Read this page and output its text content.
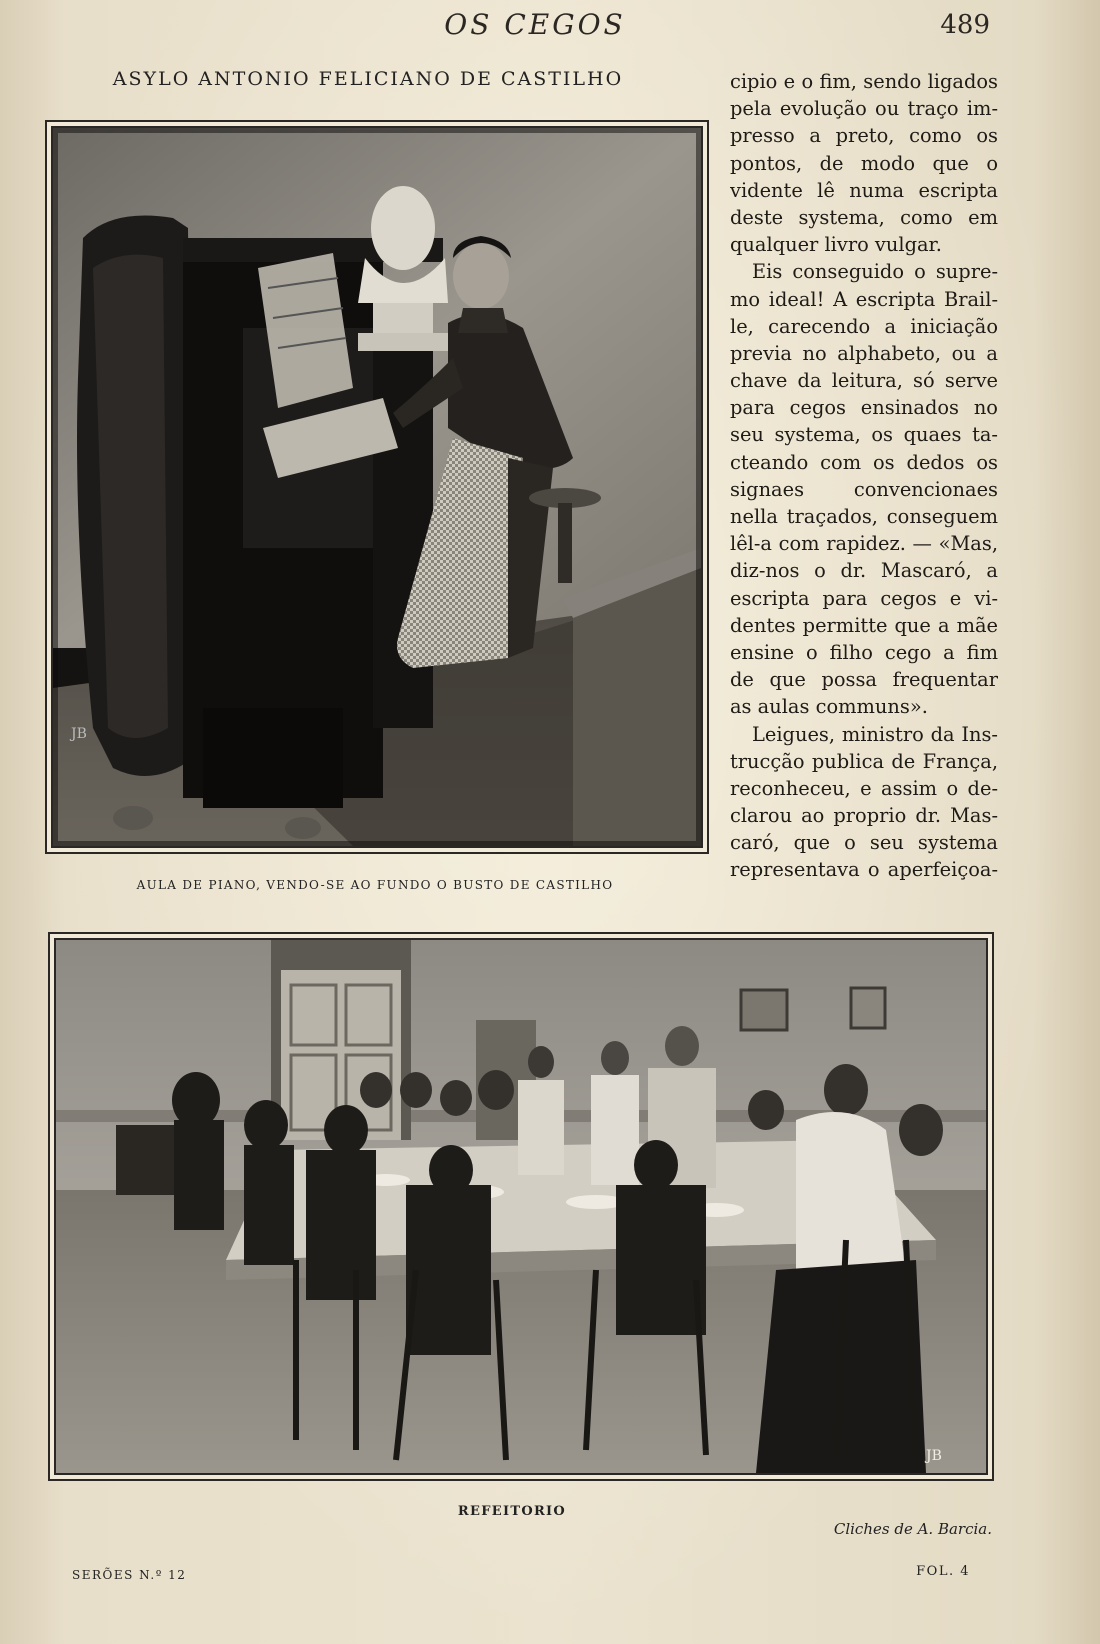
OS CEGOS	489
ASYLO ANTONIO FELICIANO DE CASTILHO
JB
AULA DE PIANO, VENDO-SE AO FUNDO O BUSTO DE CASTILHO
cipio e o fim, sendo ligados
pela evolução ou traço im-
presso a preto, como os
pontos, de modo que o
vidente lê numa escripta
deste systema, como em
qualquer livro vulgar.
Eis conseguido o supre-
mo ideal! A escripta Brail-
le, carecendo a iniciação
previa no alphabeto, ou a
chave da leitura, só serve
para cegos ensinados no
seu systema, os quaes ta-
cteando com os dedos os
signaes convencionaes
nella traçados, conseguem
lêl-a com rapidez. — «Mas,
diz-nos o dr. Mascaró, a
escripta para cegos e vi-
dentes permitte que a mãe
ensine o filho cego a fim
de que possa frequentar
as aulas communs».
Leigues, ministro da Ins-
trucção publica de França,
reconheceu, e assim o de-
clarou ao proprio dr. Mas-
caró, que o seu systema
representava o aperfeiçoa-
JB
REFEITORIO
Cliches de A. Barcia.
SERÕES N.º 12	FOL. 4
